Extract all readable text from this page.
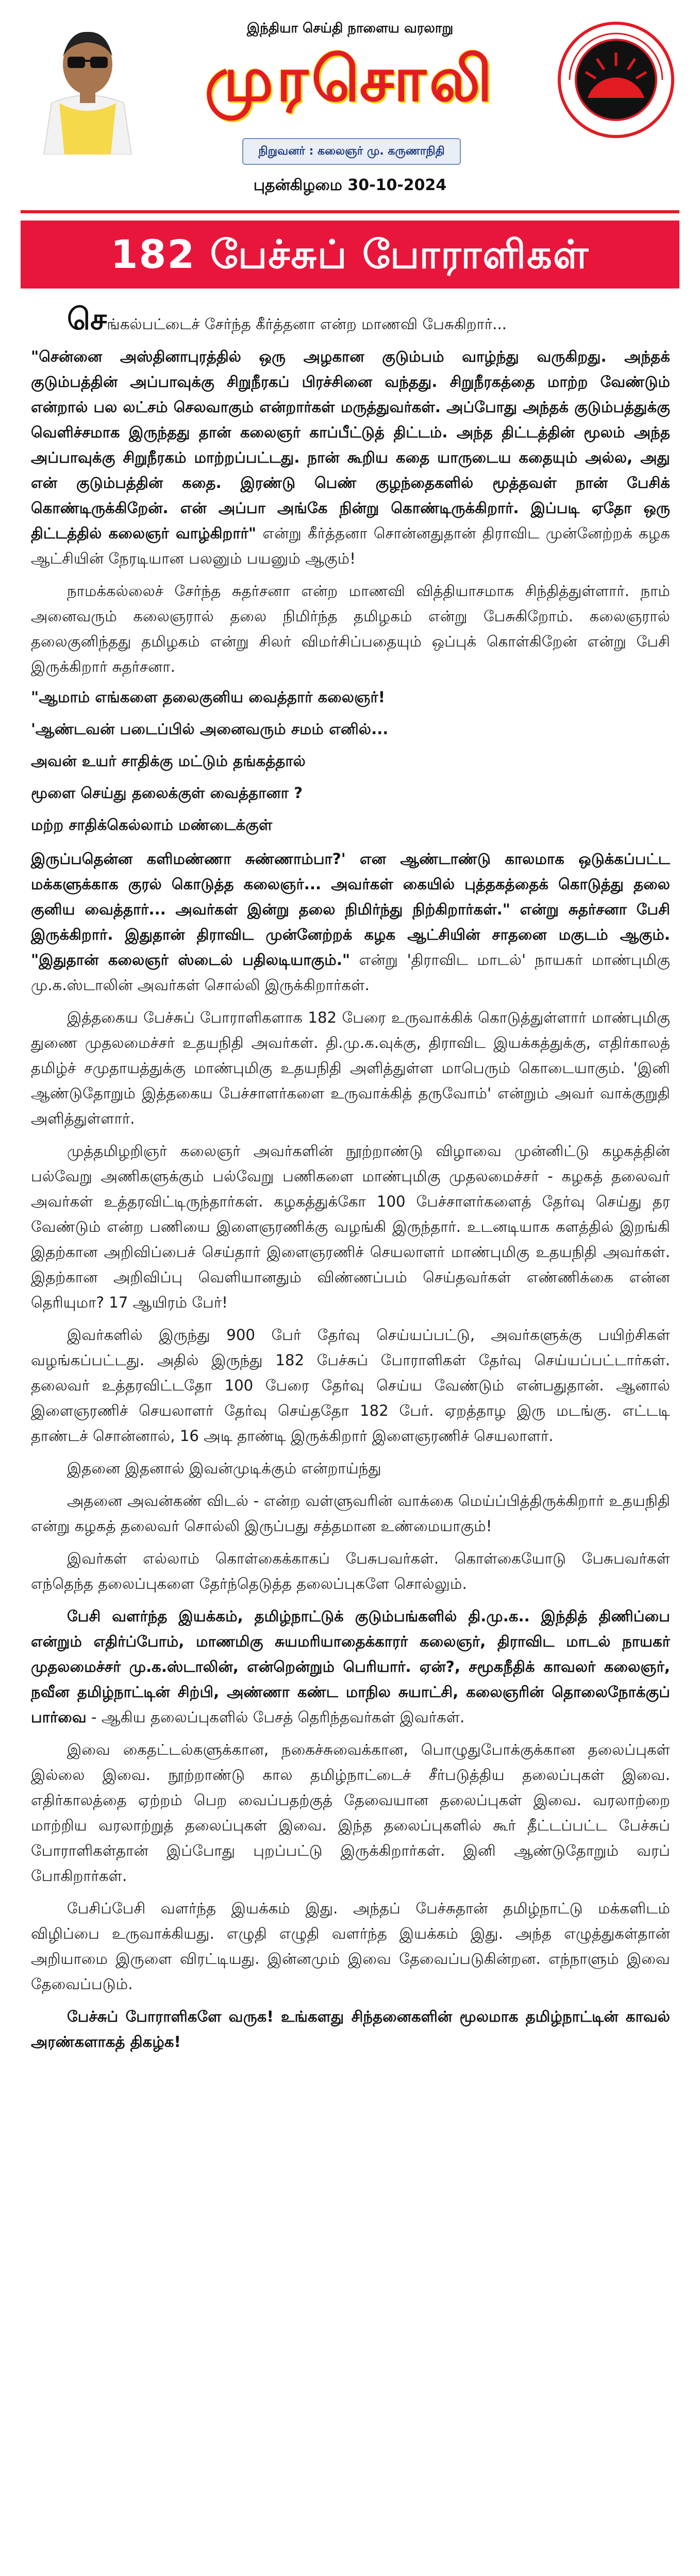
இந்தியா செய்தி நாளைய வரலாறு
முரசொலி
நிறுவனர் : கலைஞர் மு. கருணாநிதி
புதன்கிழமை 30-10-2024
182 பேச்சுப் போராளிகள்

செங்கல்பட்டைச் சேர்ந்த கீர்த்தனா என்ற மாணவி பேசுகிறார்...

"சென்னை அஸ்தினாபுரத்தில் ஒரு அழகான குடும்பம் வாழ்ந்து வருகிறது. அந்தக் குடும்பத்தின் அப்பாவுக்கு சிறுநீரகப் பிரச்சினை வந்தது. சிறுநீரகத்தை மாற்ற வேண்டும் என்றால் பல லட்சம் செலவாகும் என்றார்கள் மருத்துவர்கள். அப்போது அந்தக் குடும்பத்துக்கு வெளிச்சமாக இருந்தது தான் கலைஞர் காப்பீட்டுத் திட்டம். அந்த திட்டத்தின் மூலம் அந்த அப்பாவுக்கு சிறுநீரகம் மாற்றப்பட்டது. நான் கூறிய கதை யாருடைய கதையும் அல்ல, அது என் குடும்பத்தின் கதை. இரண்டு பெண் குழந்தைகளில் மூத்தவள் நான் பேசிக் கொண்டிருக்கிறேன். என் அப்பா அங்கே நின்று கொண்டிருக்கிறார். இப்படி ஏதோ ஒரு திட்டத்தில் கலைஞர் வாழ்கிறார்" என்று கீர்த்தனா சொன்னதுதான் திராவிட முன்னேற்றக் கழக ஆட்சியின் நேரடியான பலனும் பயனும் ஆகும்!

நாமக்கல்லைச் சேர்ந்த சுதர்சனா என்ற மாணவி வித்தியாசமாக சிந்தித்துள்ளார். நாம் அனைவரும் கலைஞரால் தலை நிமிர்ந்த தமிழகம் என்று பேசுகிறோம். கலைஞரால் தலைகுனிந்தது தமிழகம் என்று சிலர் விமர்சிப்பதையும் ஒப்புக் கொள்கிறேன் என்று பேசி இருக்கிறார் சுதர்சனா.

"ஆமாம் எங்களை தலைகுனிய வைத்தார் கலைஞர்!
'ஆண்டவன் படைப்பில் அனைவரும் சமம் எனில்...
அவன் உயர் சாதிக்கு மட்டும் தங்கத்தால்
மூளை செய்து தலைக்குள் வைத்தானா ?
மற்ற சாதிக்கெல்லாம் மண்டைக்குள்

இருப்பதென்ன களிமண்ணா சுண்ணாம்பா?' என ஆண்டாண்டு காலமாக ஒடுக்கப்பட்ட மக்களுக்காக குரல் கொடுத்த கலைஞர்... அவர்கள் கையில் புத்தகத்தைக் கொடுத்து தலை குனிய வைத்தார்... அவர்கள் இன்று தலை நிமிர்ந்து நிற்கிறார்கள்." என்று சுதர்சனா பேசி இருக்கிறார். இதுதான் திராவிட முன்னேற்றக் கழக ஆட்சியின் சாதனை மகுடம் ஆகும். "இதுதான் கலைஞர் ஸ்டைல் பதிலடியாகும்." என்று 'திராவிட மாடல்' நாயகர் மாண்புமிகு மு.க.ஸ்டாலின் அவர்கள் சொல்லி இருக்கிறார்கள்.

இத்தகைய பேச்சுப் போராளிகளாக 182 பேரை உருவாக்கிக் கொடுத்துள்ளார் மாண்புமிகு துணை முதலமைச்சர் உதயநிதி அவர்கள். தி.மு.க.வுக்கு, திராவிட இயக்கத்துக்கு, எதிர்காலத் தமிழ்ச் சமுதாயத்துக்கு மாண்புமிகு உதயநிதி அளித்துள்ள மாபெரும் கொடையாகும். 'இனி ஆண்டுதோறும் இத்தகைய பேச்சாளர்களை உருவாக்கித் தருவோம்' என்றும் அவர் வாக்குறுதி அளித்துள்ளார்.

முத்தமிழறிஞர் கலைஞர் அவர்களின் நூற்றாண்டு விழாவை முன்னிட்டு கழகத்தின் பல்வேறு அணிகளுக்கும் பல்வேறு பணிகளை மாண்புமிகு முதலமைச்சர் - கழகத் தலைவர் அவர்கள் உத்தரவிட்டிருந்தார்கள். கழகத்துக்கோ 100 பேச்சாளர்களைத் தேர்வு செய்து தர வேண்டும் என்ற பணியை இளைஞரணிக்கு வழங்கி இருந்தார். உடனடியாக களத்தில் இறங்கி இதற்கான அறிவிப்பைச் செய்தார் இளைஞரணிச் செயலாளர் மாண்புமிகு உதயநிதி அவர்கள். இதற்கான அறிவிப்பு வெளியானதும் விண்ணப்பம் செய்தவர்கள் எண்ணிக்கை என்ன தெரியுமா? 17 ஆயிரம் பேர்!

இவர்களில் இருந்து 900 பேர் தேர்வு செய்யப்பட்டு, அவர்களுக்கு பயிற்சிகள் வழங்கப்பட்டது. அதில் இருந்து 182 பேச்சுப் போராளிகள் தேர்வு செய்யப்பட்டார்கள். தலைவர் உத்தரவிட்டதோ 100 பேரை தேர்வு செய்ய வேண்டும் என்பதுதான். ஆனால் இளைஞரணிச் செயலாளர் தேர்வு செய்ததோ 182 பேர். ஏறத்தாழ இரு மடங்கு. எட்டடி தாண்டச் சொன்னால், 16 அடி தாண்டி இருக்கிறார் இளைஞரணிச் செயலாளர்.

இதனை இதனால் இவன்முடிக்கும் என்றாய்ந்து

அதனை அவன்கண் விடல் - என்ற வள்ளுவரின் வாக்கை மெய்ப்பித்திருக்கிறார் உதயநிதி என்று கழகத் தலைவர் சொல்லி இருப்பது சத்தமான உண்மையாகும்!

இவர்கள் எல்லாம் கொள்கைக்காகப் பேசுபவர்கள். கொள்கையோடு பேசுபவர்கள் எந்தெந்த தலைப்புகளை தேர்ந்தெடுத்த தலைப்புகளே சொல்லும்.

பேசி வளர்ந்த இயக்கம், தமிழ்நாட்டுக் குடும்பங்களில் தி.மு.க.. இந்தித் திணிப்பை என்றும் எதிர்ப்போம், மாணமிகு சுயமரியாதைக்காரர் கலைஞர், திராவிட மாடல் நாயகர் முதலமைச்சர் மு.க.ஸ்டாலின், என்றென்றும் பெரியார். ஏன்?, சமூகநீதிக் காவலர் கலைஞர், நவீன தமிழ்நாட்டின் சிற்பி, அண்ணா கண்ட மாநில சுயாட்சி, கலைஞரின் தொலைநோக்குப் பார்வை - ஆகிய தலைப்புகளில் பேசத் தெரிந்தவர்கள் இவர்கள்.

இவை கைதட்டல்களுக்கான, நகைச்சுவைக்கான, பொழுதுபோக்குக்கான தலைப்புகள் இல்லை இவை. நூற்றாண்டு கால தமிழ்நாட்டைச் சீர்படுத்திய தலைப்புகள் இவை. எதிர்காலத்தை ஏற்றம் பெற வைப்பதற்குத் தேவையான தலைப்புகள் இவை. வரலாற்றை மாற்றிய வரலாற்றுத் தலைப்புகள் இவை. இந்த தலைப்புகளில் கூர் தீட்டப்பட்ட பேச்சுப் போராளிகள்தான் இப்போது புறப்பட்டு இருக்கிறார்கள். இனி ஆண்டுதோறும் வரப் போகிறார்கள்.

பேசிப்பேசி வளர்ந்த இயக்கம் இது. அந்தப் பேச்சுதான் தமிழ்நாட்டு மக்களிடம் விழிப்பை உருவாக்கியது. எழுதி எழுதி வளர்ந்த இயக்கம் இது. அந்த எழுத்துகள்தான் அறியாமை இருளை விரட்டியது. இன்னமும் இவை தேவைப்படுகின்றன. எந்நாளும் இவை தேவைப்படும்.

பேச்சுப் போராளிகளே வருக! உங்களது சிந்தனைகளின் மூலமாக தமிழ்நாட்டின் காவல் அரண்களாகத் திகழ்க!
